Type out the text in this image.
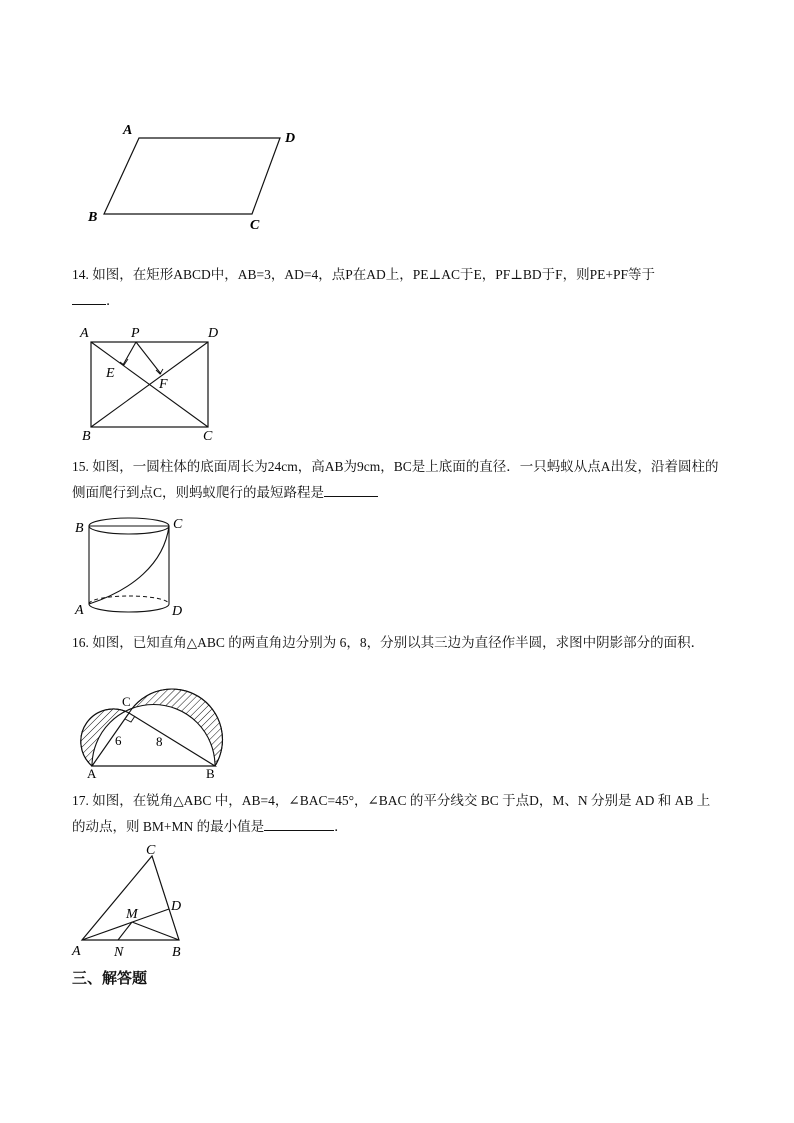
A
D
B
C
14. 如图，在矩形ABCD中，AB=3，AD=4，点P在AD上，PE⊥AC于E，PF⊥BD于F，则PE+PF等于
．
A	P	D
E
F
B	C
15. 如图，一圆柱体的底面周长为24cm，高AB为9cm，BC是上底面的直径．一只蚂蚁从点A出发，沿着圆柱的侧面爬行到点C，则蚂蚁爬行的最短路程是
B	C
A	D
16. 如图，已知直角△ABC 的两直角边分别为 6，8，分别以其三边为直径作半圆，求图中阴影部分的面积．
C
6	8
A	B
17. 如图，在锐角△ABC 中，AB=4，∠BAC=45°，∠BAC 的平分线交 BC 于点D，M、N 分别是 AD 和 AB 上的动点，则 BM+MN 的最小值是	．
C
D
M
A N	B
三、解答题
